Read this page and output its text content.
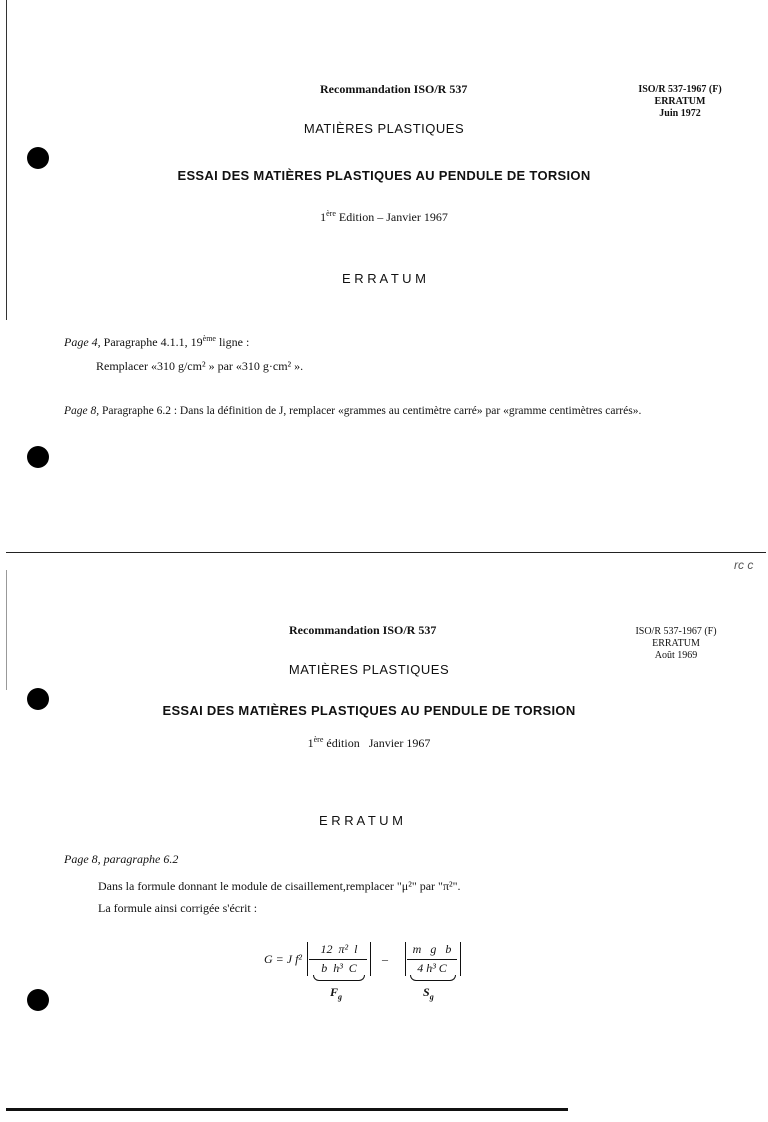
Recommandation ISO/R 537	ISO/R 537-1967 (F)
ERRATUM
Juin 1972
MATIÈRES PLASTIQUES
ESSAI DES MATIÈRES PLASTIQUES AU PENDULE DE TORSION
1ère Edition – Janvier 1967
E R R A T U M
Page 4, Paragraphe 4.1.1, 19ème ligne :
Remplacer «310 g/cm² » par «310 g·cm² ».
Page 8, Paragraphe 6.2 : Dans la définition de J, remplacer «grammes au centimètre carré» par «gramme centimètres carrés».
rc c
Recommandation ISO/R 537	ISO/R 537-1967 (F)
ERRATUM
Août 1969
MATIÈRES PLASTIQUES
ESSAI DES MATIÈRES PLASTIQUES AU PENDULE DE TORSION
1ère édition   Janvier 1967
E R R A T U M
Page 8, paragraphe 6.2
Dans la formule donnant le module de cisaillement,remplacer "μ²" par "π²".
La formule ainsi corrigée s'écrit :
G = J f²
12  π²  l
b  h³  C
$F_g$
–
m   g   b
4 h³ C
$S_g$
